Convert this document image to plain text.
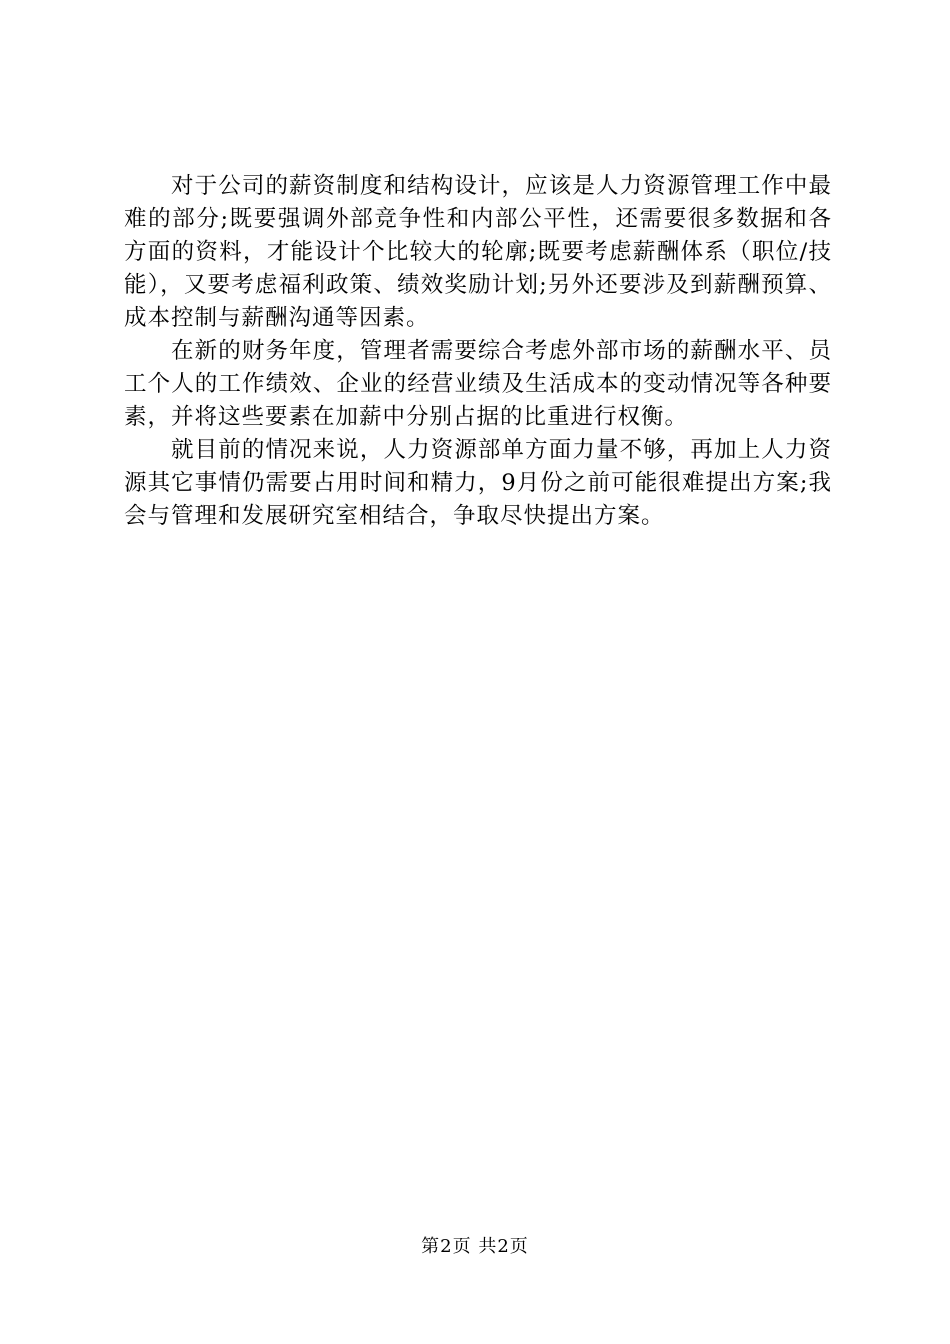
对于公司的薪资制度和结构设计，应该是人力资源管理工作中最难的部分;既要强调外部竞争性和内部公平性，还需要很多数据和各方面的资料，才能设计个比较大的轮廓;既要考虑薪酬体系（职位/技能），又要考虑福利政策、绩效奖励计划;另外还要涉及到薪酬预算、成本控制与薪酬沟通等因素。

在新的财务年度，管理者需要综合考虑外部市场的薪酬水平、员工个人的工作绩效、企业的经营业绩及生活成本的变动情况等各种要素，并将这些要素在加薪中分别占据的比重进行权衡。

就目前的情况来说，人力资源部单方面力量不够，再加上人力资源其它事情仍需要占用时间和精力，9月份之前可能很难提出方案;我会与管理和发展研究室相结合，争取尽快提出方案。

第2页 共2页
